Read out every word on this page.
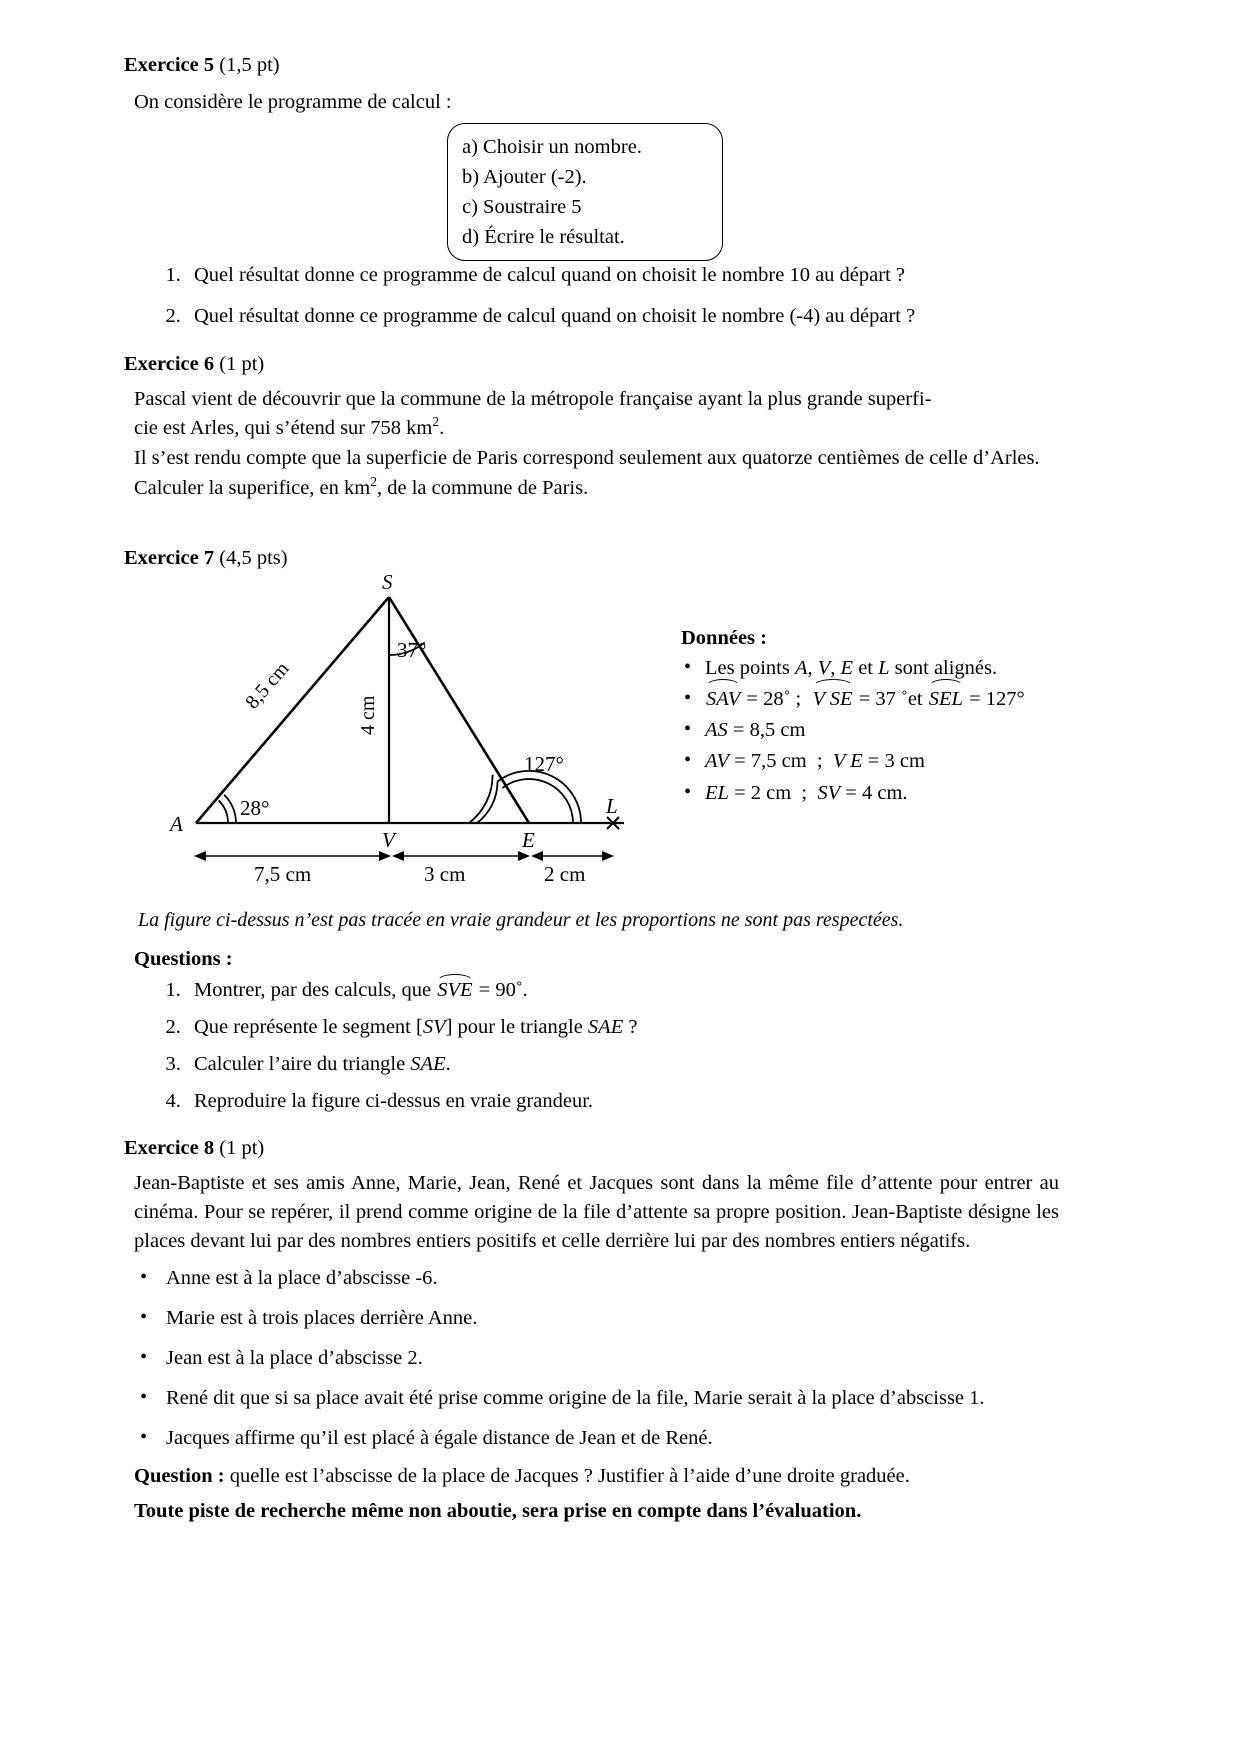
Exercice 5 (1,5 pt)

On considère le programme de calcul :

a) Choisir un nombre.
b) Ajouter (-2).
c) Soustraire 5
d) Écrire le résultat.
1. Quel résultat donne ce programme de calcul quand on choisit le nombre 10 au départ ?
2. Quel résultat donne ce programme de calcul quand on choisit le nombre (-4) au départ ?
Exercice 6 (1 pt)

Pascal vient de découvrir que la commune de la métropole française ayant la plus grande superfi-

cie est Arles, qui s’étend sur 758 $km^2$.

Il s’est rendu compte que la superficie de Paris correspond seulement aux quatorze centièmes de celle d’Arles.

Calculer la superifice, en $km^2$, de la commune de Paris.

Exercice 7 (4,5 pts)
S
A
V	E
L
28°
37°
127°
8,5 cm
4 cm
7,5 cm	3 cm	2 cm
Données :
• Les points A, V, E et L sont alignés.
• SAV = 28˚ ;  V SE = 37 ˚et SEL = 127°
• AS = 8,5 cm
• AV = 7,5 cm  ;  V E = 3 cm
• EL = 2 cm  ;  SV = 4 cm.
La figure ci-dessus n’est pas tracée en vraie grandeur et les proportions ne sont pas respectées.
Questions :
1. Montrer, par des calculs, que SVE = 90˚.
2. Que représente le segment [SV] pour le triangle SAE ?
3. Calculer l’aire du triangle SAE.
4. Reproduire la figure ci-dessus en vraie grandeur.
Exercice 8 (1 pt)

Jean-Baptiste et ses amis Anne, Marie, Jean, René et Jacques sont dans la même file d’attente pour entrer au cinéma. Pour se repérer, il prend comme origine de la file d’attente sa propre position. Jean-Baptiste désigne les places devant lui par des nombres entiers positifs et celle derrière lui par des nombres entiers négatifs.

• Anne est à la place d’abscisse -6.
• Marie est à trois places derrière Anne.
• Jean est à la place d’abscisse 2.
• René dit que si sa place avait été prise comme origine de la file, Marie serait à la place d’abscisse 1.
• Jacques affirme qu’il est placé à égale distance de Jean et de René.
Question : quelle est l’abscisse de la place de Jacques ? Justifier à l’aide d’une droite graduée.
Toute piste de recherche même non aboutie, sera prise en compte dans l’évaluation.
